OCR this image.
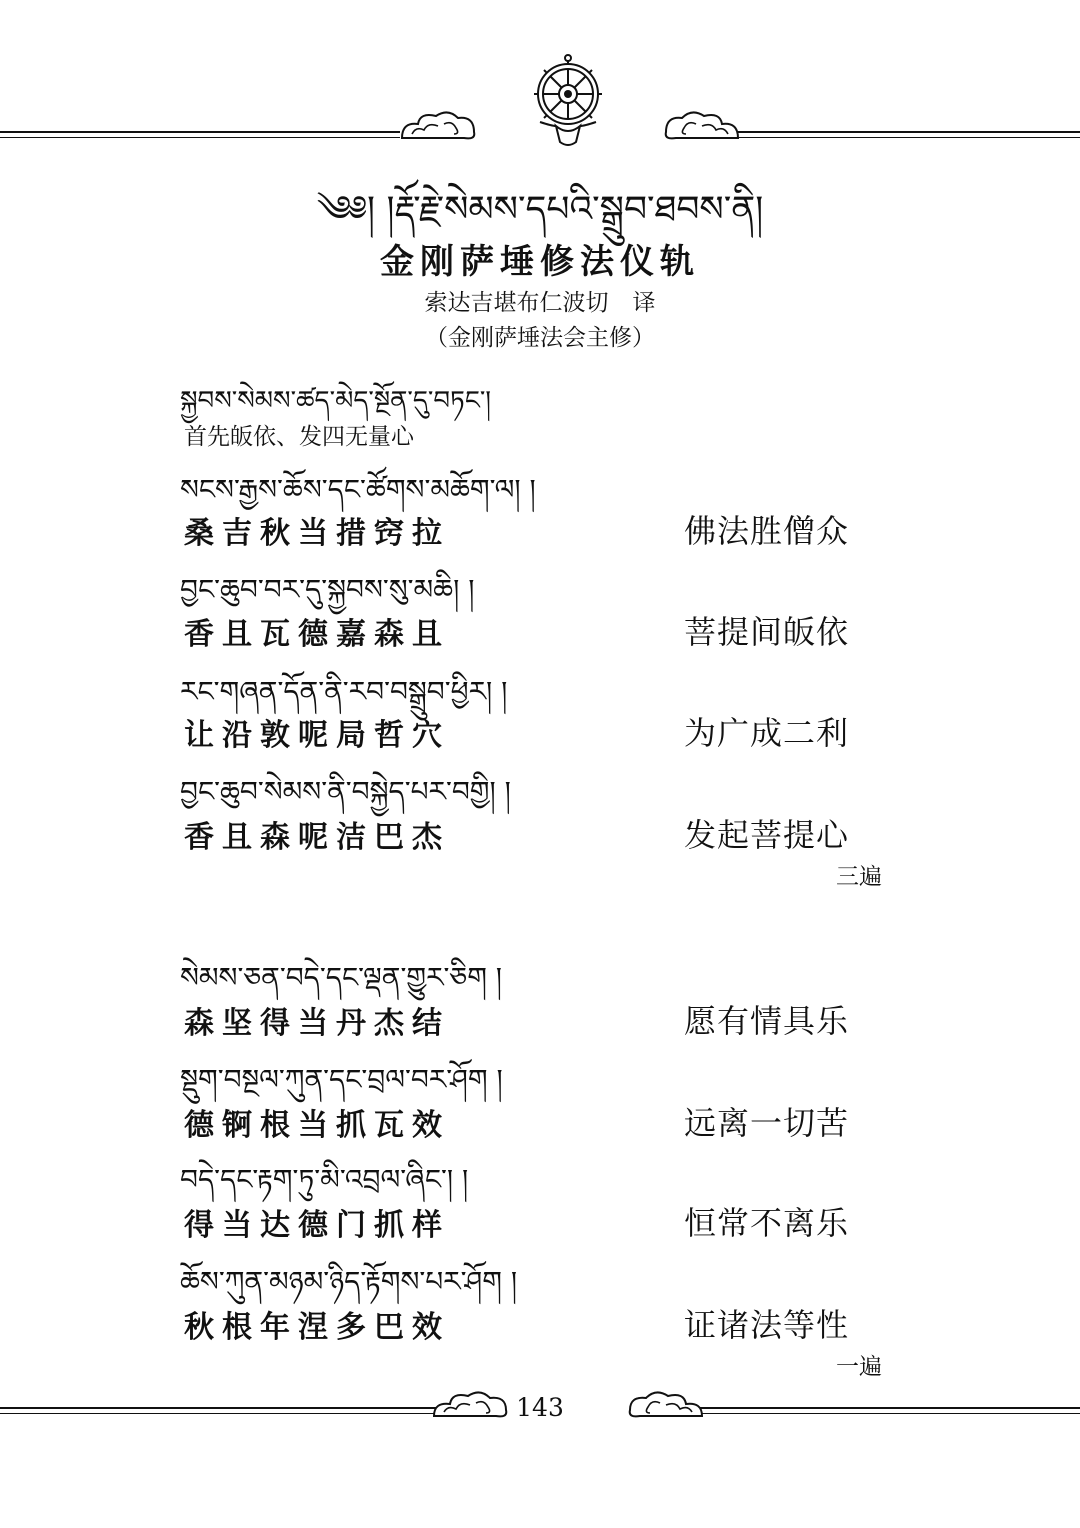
༄༅། །རྡོ་རྗེ་སེམས་དཔའི་སྒྲུབ་ཐབས་ནི།
金刚萨埵修法仪轨
索达吉堪布仁波切 译
（金刚萨埵法会主修）
སྐྱབས་སེམས་ཚད་མེད་སྔོན་དུ་བཏང་།
首先皈依、发四无量心
སངས་རྒྱས་ཆོས་དང་ཚོགས་མཆོག་ལ། །
桑吉秋当措窍拉	佛法胜僧众
བྱང་ཆུབ་བར་དུ་སྐྱབས་སུ་མཆི། །
香且瓦德嘉森且	菩提间皈依
རང་གཞན་དོན་ནི་རབ་བསྒྲུབ་ཕྱིར། །
让沿敦呢局哲穴	为广成二利
བྱང་ཆུབ་སེམས་ནི་བསྐྱེད་པར་བགྱི། །
香且森呢洁巴杰	发起菩提心
三遍
སེམས་ཅན་བདེ་དང་ལྡན་གྱུར་ཅིག །
森坚得当丹杰结	愿有情具乐
སྡུག་བསྔལ་ཀུན་དང་བྲལ་བར་ཤོག །
德锕根当抓瓦效	远离一切苦
བདེ་དང་རྟག་ཏུ་མི་འབྲལ་ཞིང་། །
得当达德门抓样	恒常不离乐
ཆོས་ཀུན་མཉམ་ཉིད་རྟོགས་པར་ཤོག །
秋根年涅多巴效	证诸法等性
一遍
143
